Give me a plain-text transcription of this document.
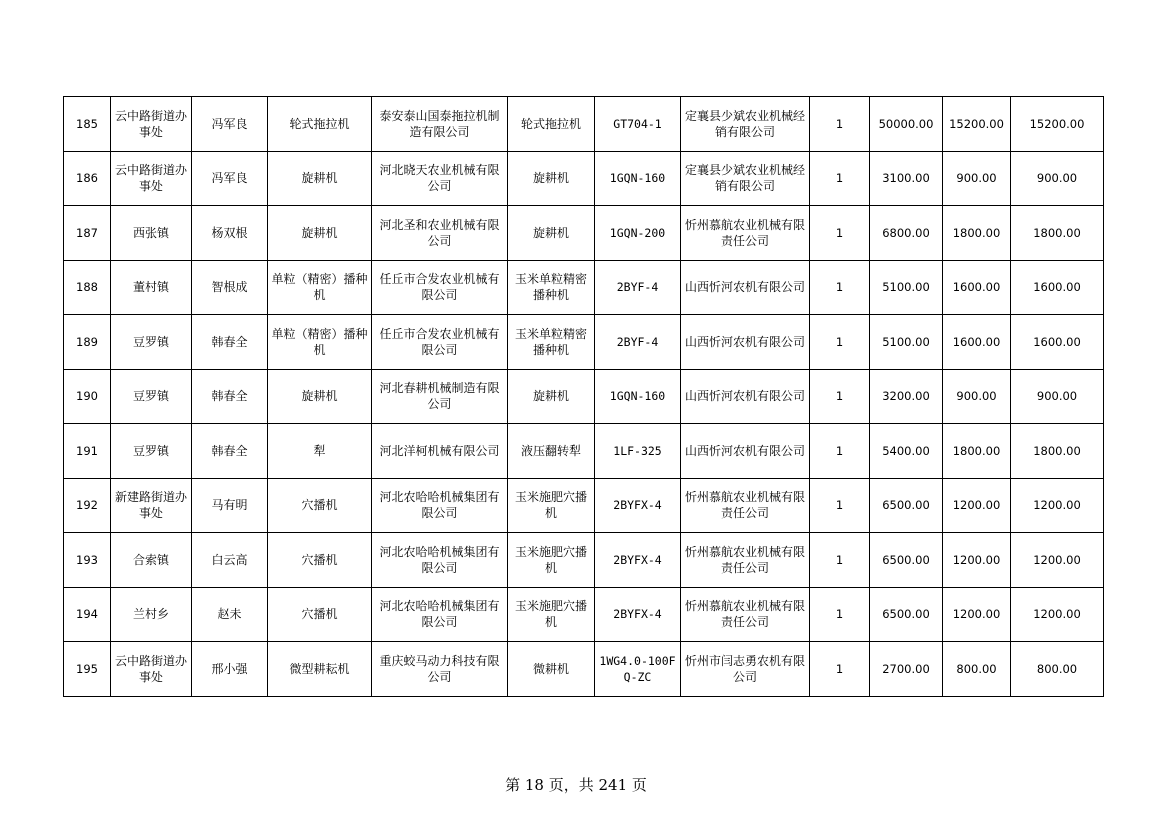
185	云中路街道办事处	冯军良	轮式拖拉机	泰安泰山国泰拖拉机制造有限公司	轮式拖拉机	GT704-1	定襄县少斌农业机械经销有限公司	1	50000.00	15200.00	15200.00
186	云中路街道办事处	冯军良	旋耕机	河北晓天农业机械有限公司	旋耕机	1GQN-160	定襄县少斌农业机械经销有限公司	1	3100.00	900.00	900.00
187	西张镇	杨双根	旋耕机	河北圣和农业机械有限公司	旋耕机	1GQN-200	忻州慕航农业机械有限责任公司	1	6800.00	1800.00	1800.00
188	董村镇	智根成	单粒（精密）播种机	任丘市合发农业机械有限公司	玉米单粒精密播种机	2BYF-4	山西忻河农机有限公司	1	5100.00	1600.00	1600.00
189	豆罗镇	韩春全	单粒（精密）播种机	任丘市合发农业机械有限公司	玉米单粒精密播种机	2BYF-4	山西忻河农机有限公司	1	5100.00	1600.00	1600.00
190	豆罗镇	韩春全	旋耕机	河北春耕机械制造有限公司	旋耕机	1GQN-160	山西忻河农机有限公司	1	3200.00	900.00	900.00
191	豆罗镇	韩春全	犁	河北洋柯机械有限公司	液压翻转犁	1LF-325	山西忻河农机有限公司	1	5400.00	1800.00	1800.00
192	新建路街道办事处	马有明	穴播机	河北农哈哈机械集团有限公司	玉米施肥穴播机	2BYFX-4	忻州慕航农业机械有限责任公司	1	6500.00	1200.00	1200.00
193	合索镇	白云高	穴播机	河北农哈哈机械集团有限公司	玉米施肥穴播机	2BYFX-4	忻州慕航农业机械有限责任公司	1	6500.00	1200.00	1200.00
194	兰村乡	赵未	穴播机	河北农哈哈机械集团有限公司	玉米施肥穴播机	2BYFX-4	忻州慕航农业机械有限责任公司	1	6500.00	1200.00	1200.00
195	云中路街道办事处	邢小强	微型耕耘机	重庆蛟马动力科技有限公司	微耕机	1WG4.0-100FQ-ZC	忻州市闫志勇农机有限公司	1	2700.00	800.00	800.00
第 18 页，共 241 页
